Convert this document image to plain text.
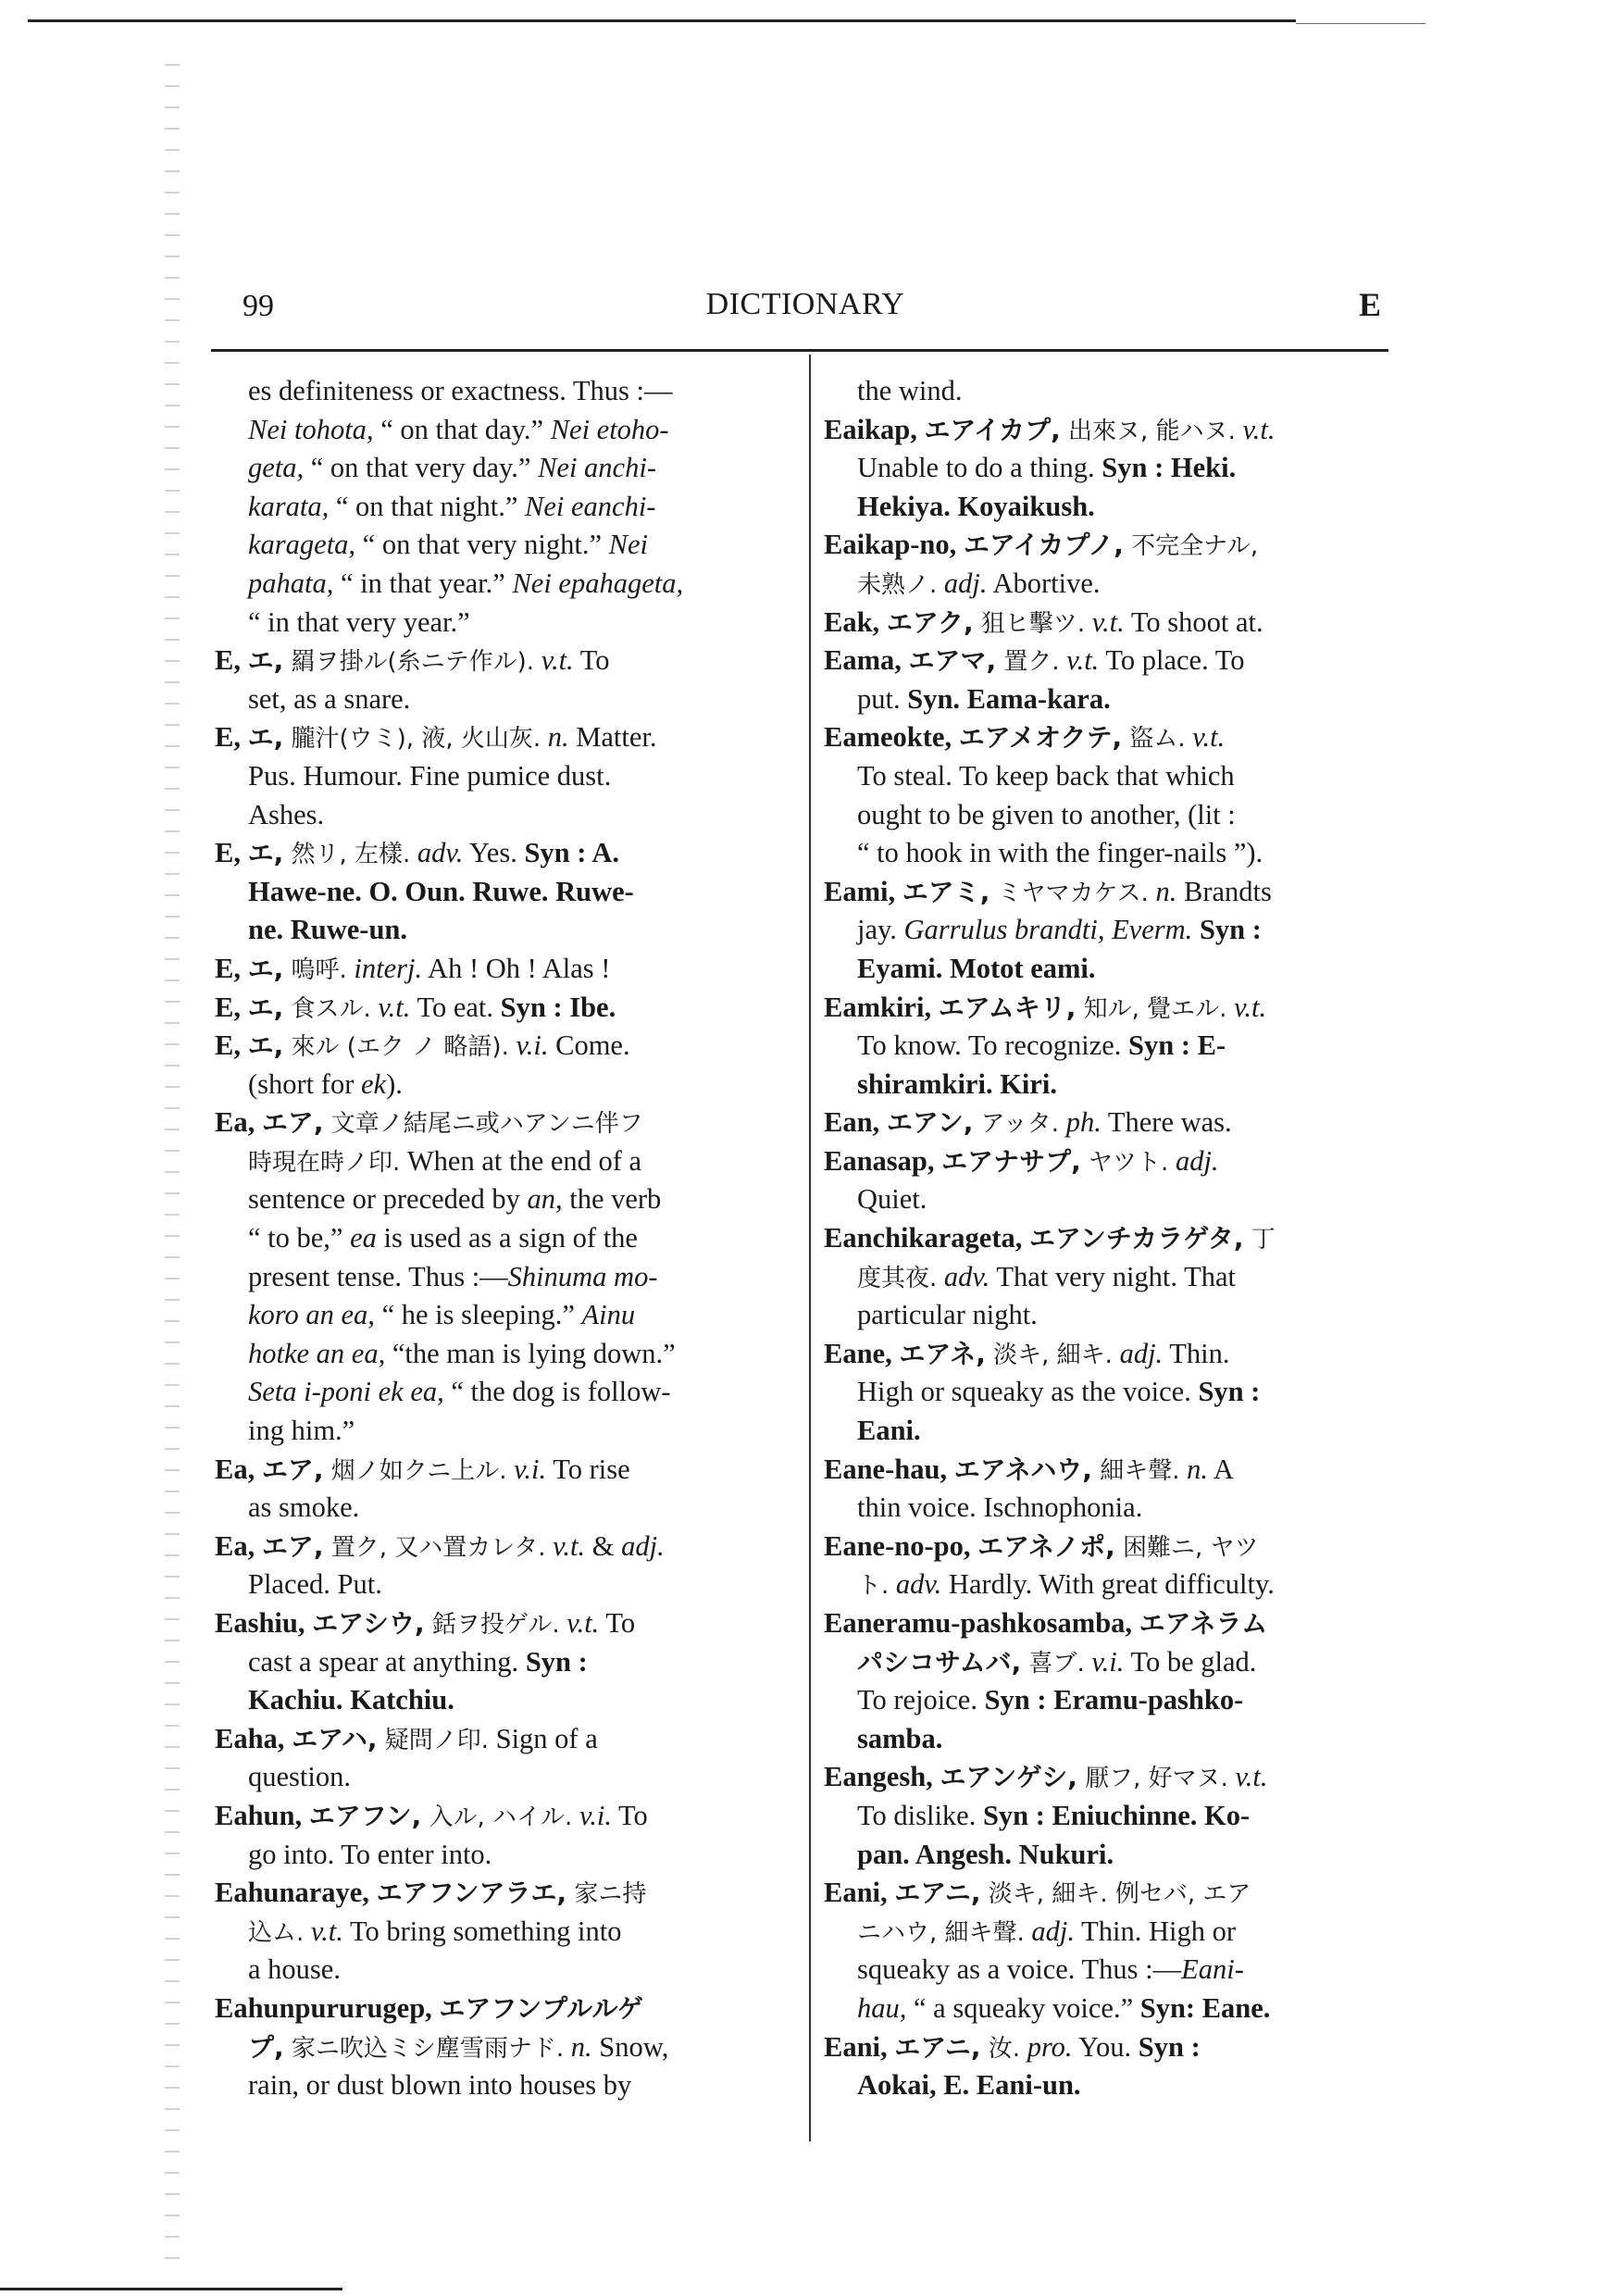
99	DICTIONARY	E
es definiteness or exactness. Thus :—
Nei tohota, “ on that day.” Nei etoho-
geta, “ on that very day.” Nei anchi-
karata, “ on that night.” Nei eanchi-
karageta, “ on that very night.” Nei
pahata, “ in that year.” Nei epahageta,
“ in that very year.”
E, エ, 羂ヲ掛ル(糸ニテ作ル). v.t. To
set, as a snare.
E, エ, 朧汁(ウミ), 液, 火山灰. n. Matter.
Pus. Humour. Fine pumice dust.
Ashes.
E, エ, 然リ, 左樣. adv. Yes. Syn : A.
Hawe-ne. O. Oun. Ruwe. Ruwe-
ne. Ruwe-un.
E, エ, 嗚呼. interj. Ah ! Oh ! Alas !
E, エ, 食スル. v.t. To eat. Syn : Ibe.
E, エ, 來ル (エク ノ 略語). v.i. Come.
(short for ek).
Ea, エア, 文章ノ結尾ニ或ハアンニ伴フ
時現在時ノ印. When at the end of a
sentence or preceded by an, the verb
“ to be,” ea is used as a sign of the
present tense. Thus :—Shinuma mo-
koro an ea, “ he is sleeping.” Ainu
hotke an ea, “the man is lying down.”
Seta i-poni ek ea, “ the dog is follow-
ing him.”
Ea, エア, 烟ノ如クニ上ル. v.i. To rise
as smoke.
Ea, エア, 置ク, 又ハ置カレタ. v.t. & adj.
Placed. Put.
Eashiu, エアシウ, 銛ヲ投ゲル. v.t. To
cast a spear at anything. Syn :
Kachiu. Katchiu.
Eaha, エアハ, 疑問ノ印. Sign of a
question.
Eahun, エアフン, 入ル, ハイル. v.i. To
go into. To enter into.
Eahunaraye, エアフンアラエ, 家ニ持
込ム. v.t. To bring something into
a house.
Eahunpururugep, エアフンプルルゲ
プ, 家ニ吹込ミシ塵雪雨ナド. n. Snow,
rain, or dust blown into houses by
the wind.
Eaikap, エアイカプ, 出來ヌ, 能ハヌ. v.t.
Unable to do a thing. Syn : Heki.
Hekiya. Koyaikush.
Eaikap-no, エアイカプノ, 不完全ナル,
未熟ノ. adj. Abortive.
Eak, エアク, 狙ヒ擊ツ. v.t. To shoot at.
Eama, エアマ, 置ク. v.t. To place. To
put. Syn. Eama-kara.
Eameokte, エアメオクテ, 盜ム. v.t.
To steal. To keep back that which
ought to be given to another, (lit :
“ to hook in with the finger-nails ”).
Eami, エアミ, ミヤマカケス. n. Brandts
jay. Garrulus brandti, Everm. Syn :
Eyami. Motot eami.
Eamkiri, エアムキリ, 知ル, 覺エル. v.t.
To know. To recognize. Syn : E-
shiramkiri. Kiri.
Ean, エアン, アッタ. ph. There was.
Eanasap, エアナサプ, ヤツト. adj.
Quiet.
Eanchikarageta, エアンチカラゲタ, 丁
度其夜. adv. That very night. That
particular night.
Eane, エアネ, 淡キ, 細キ. adj. Thin.
High or squeaky as the voice. Syn :
Eani.
Eane-hau, エアネハウ, 細キ聲. n. A
thin voice. Ischnophonia.
Eane-no-po, エアネノポ, 困難ニ, ヤツ
ト. adv. Hardly. With great difficulty.
Eaneramu-pashkosamba, エアネラム
パシコサムバ, 喜ブ. v.i. To be glad.
To rejoice. Syn : Eramu-pashko-
samba.
Eangesh, エアンゲシ, 厭フ, 好マヌ. v.t.
To dislike. Syn : Eniuchinne. Ko-
pan. Angesh. Nukuri.
Eani, エアニ, 淡キ, 細キ. 例セバ, エア
ニハウ, 細キ聲. adj. Thin. High or
squeaky as a voice. Thus :—Eani-
hau, “ a squeaky voice.” Syn: Eane.
Eani, エアニ, 汝. pro. You. Syn :
Aokai, E. Eani-un.
